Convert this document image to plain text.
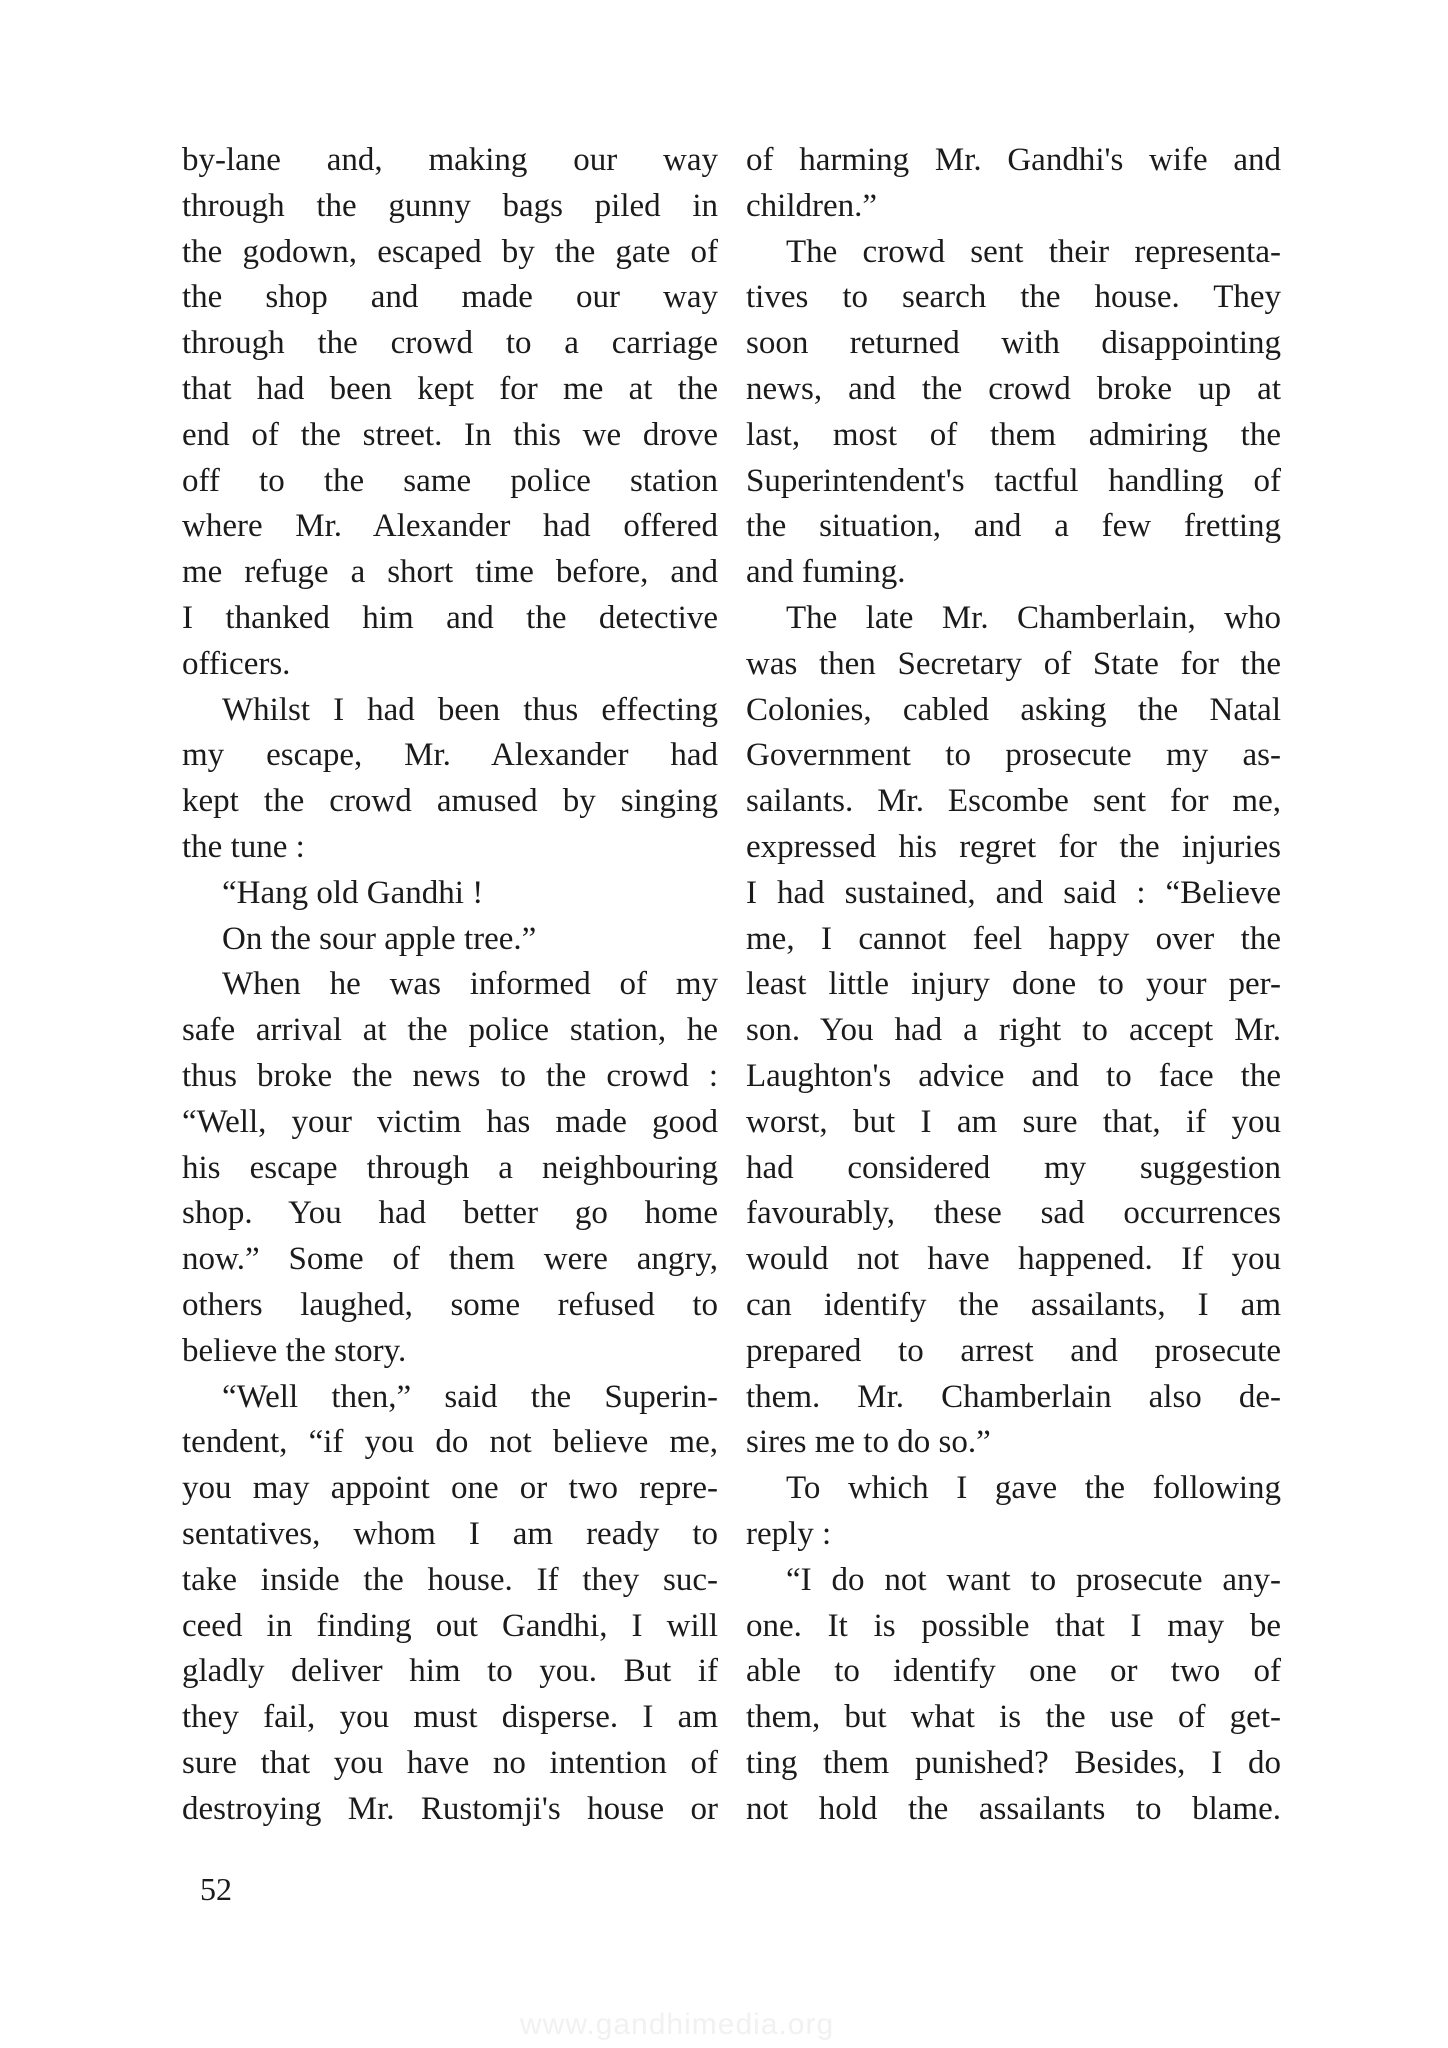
by-lane and, making our way
through the gunny bags piled in
the godown, escaped by the gate of
the shop and made our way
through the crowd to a carriage
that had been kept for me at the
end of the street. In this we drove
off to the same police station
where Mr. Alexander had offered
me refuge a short time before, and
I thanked him and the detective
officers.
Whilst I had been thus effecting
my escape, Mr. Alexander had
kept the crowd amused by singing
the tune :
“Hang old Gandhi !
On the sour apple tree.”
When he was informed of my
safe arrival at the police station, he
thus broke the news to the crowd :
“Well, your victim has made good
his escape through a neighbouring
shop. You had better go home
now.” Some of them were angry,
others laughed, some refused to
believe the story.
“Well then,” said the Superin-
tendent, “if you do not believe me,
you may appoint one or two repre-
sentatives, whom I am ready to
take inside the house. If they suc-
ceed in finding out Gandhi, I will
gladly deliver him to you. But if
they fail, you must disperse. I am
sure that you have no intention of
destroying Mr. Rustomji's house or
of harming Mr. Gandhi's wife and
children.”
The crowd sent their representa-
tives to search the house. They
soon returned with disappointing
news, and the crowd broke up at
last, most of them admiring the
Superintendent's tactful handling of
the situation, and a few fretting
and fuming.
The late Mr. Chamberlain, who
was then Secretary of State for the
Colonies, cabled asking the Natal
Government to prosecute my as-
sailants. Mr. Escombe sent for me,
expressed his regret for the injuries
I had sustained, and said : “Believe
me, I cannot feel happy over the
least little injury done to your per-
son. You had a right to accept Mr.
Laughton's advice and to face the
worst, but I am sure that, if you
had considered my suggestion
favourably, these sad occurrences
would not have happened. If you
can identify the assailants, I am
prepared to arrest and prosecute
them. Mr. Chamberlain also de-
sires me to do so.”
To which I gave the following
reply :
“I do not want to prosecute any-
one. It is possible that I may be
able to identify one or two of
them, but what is the use of get-
ting them punished? Besides, I do
not hold the assailants to blame.
52
www.gandhimedia.org
